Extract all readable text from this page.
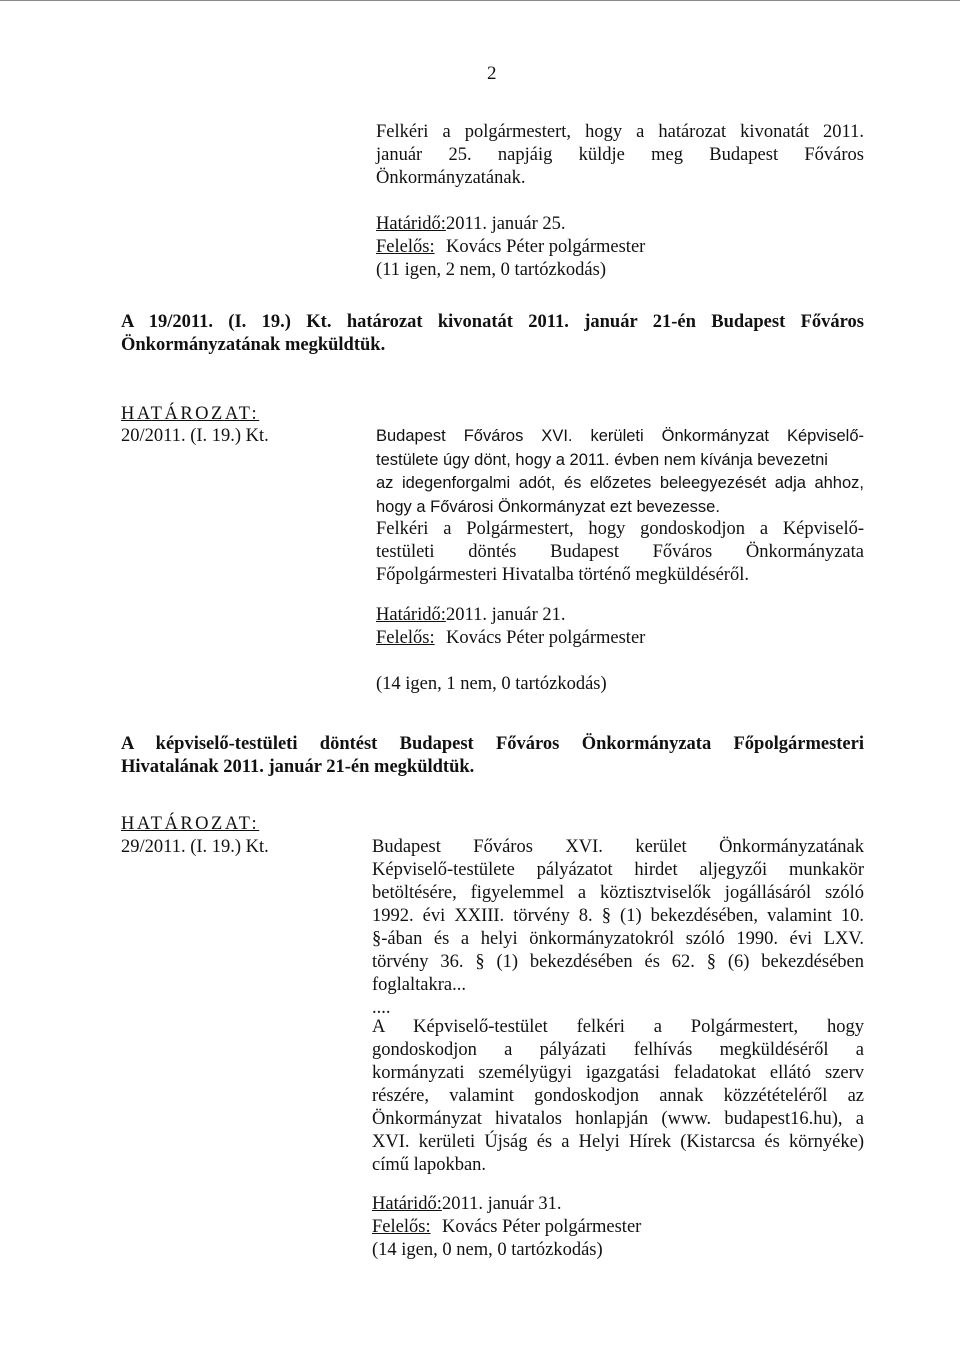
2
Felkéri a polgármestert, hogy a határozat kivonatát 2011.
január 25. napjáig küldje meg Budapest Főváros
Önkormányzatának.
Határidő:2011. január 25.
Felelős: Kovács Péter polgármester
(11 igen, 2 nem, 0 tartózkodás)
A 19/2011. (I. 19.) Kt. határozat kivonatát 2011. január 21-én Budapest Főváros
Önkormányzatának megküldtük.
HATÁROZAT:
20/2011. (I. 19.) Kt.	Budapest Főváros XVI. kerületi Önkormányzat Képviselő-
testülete úgy dönt, hogy a 2011. évben nem kívánja bevezetni
az idegenforgalmi adót, és előzetes beleegyezését adja ahhoz,
hogy a Fővárosi Önkormányzat ezt bevezesse.
Felkéri a Polgármestert, hogy gondoskodjon a Képviselő-
testületi döntés Budapest Főváros Önkormányzata
Főpolgármesteri Hivatalba történő megküldéséről.
Határidő:2011. január 21.
Felelős: Kovács Péter polgármester
(14 igen, 1 nem, 0 tartózkodás)
A képviselő-testületi döntést Budapest Főváros Önkormányzata Főpolgármesteri
Hivatalának 2011. január 21-én megküldtük.
HATÁROZAT:
29/2011. (I. 19.) Kt.	Budapest Főváros XVI. kerület Önkormányzatának
Képviselő-testülete pályázatot hirdet aljegyzői munkakör
betöltésére, figyelemmel a köztisztviselők jogállásáról szóló
1992. évi XXIII. törvény 8. § (1) bekezdésében, valamint 10.
§-ában és a helyi önkormányzatokról szóló 1990. évi LXV.
törvény 36. § (1) bekezdésében és 62. § (6) bekezdésében
foglaltakra...
....
A Képviselő-testület felkéri a Polgármestert, hogy
gondoskodjon a pályázati felhívás megküldéséről a
kormányzati személyügyi igazgatási feladatokat ellátó szerv
részére, valamint gondoskodjon annak közzétételéről az
Önkormányzat hivatalos honlapján (www. budapest16.hu), a
XVI. kerületi Újság és a Helyi Hírek (Kistarcsa és környéke)
című lapokban.
Határidő:2011. január 31.
Felelős: Kovács Péter polgármester
(14 igen, 0 nem, 0 tartózkodás)
